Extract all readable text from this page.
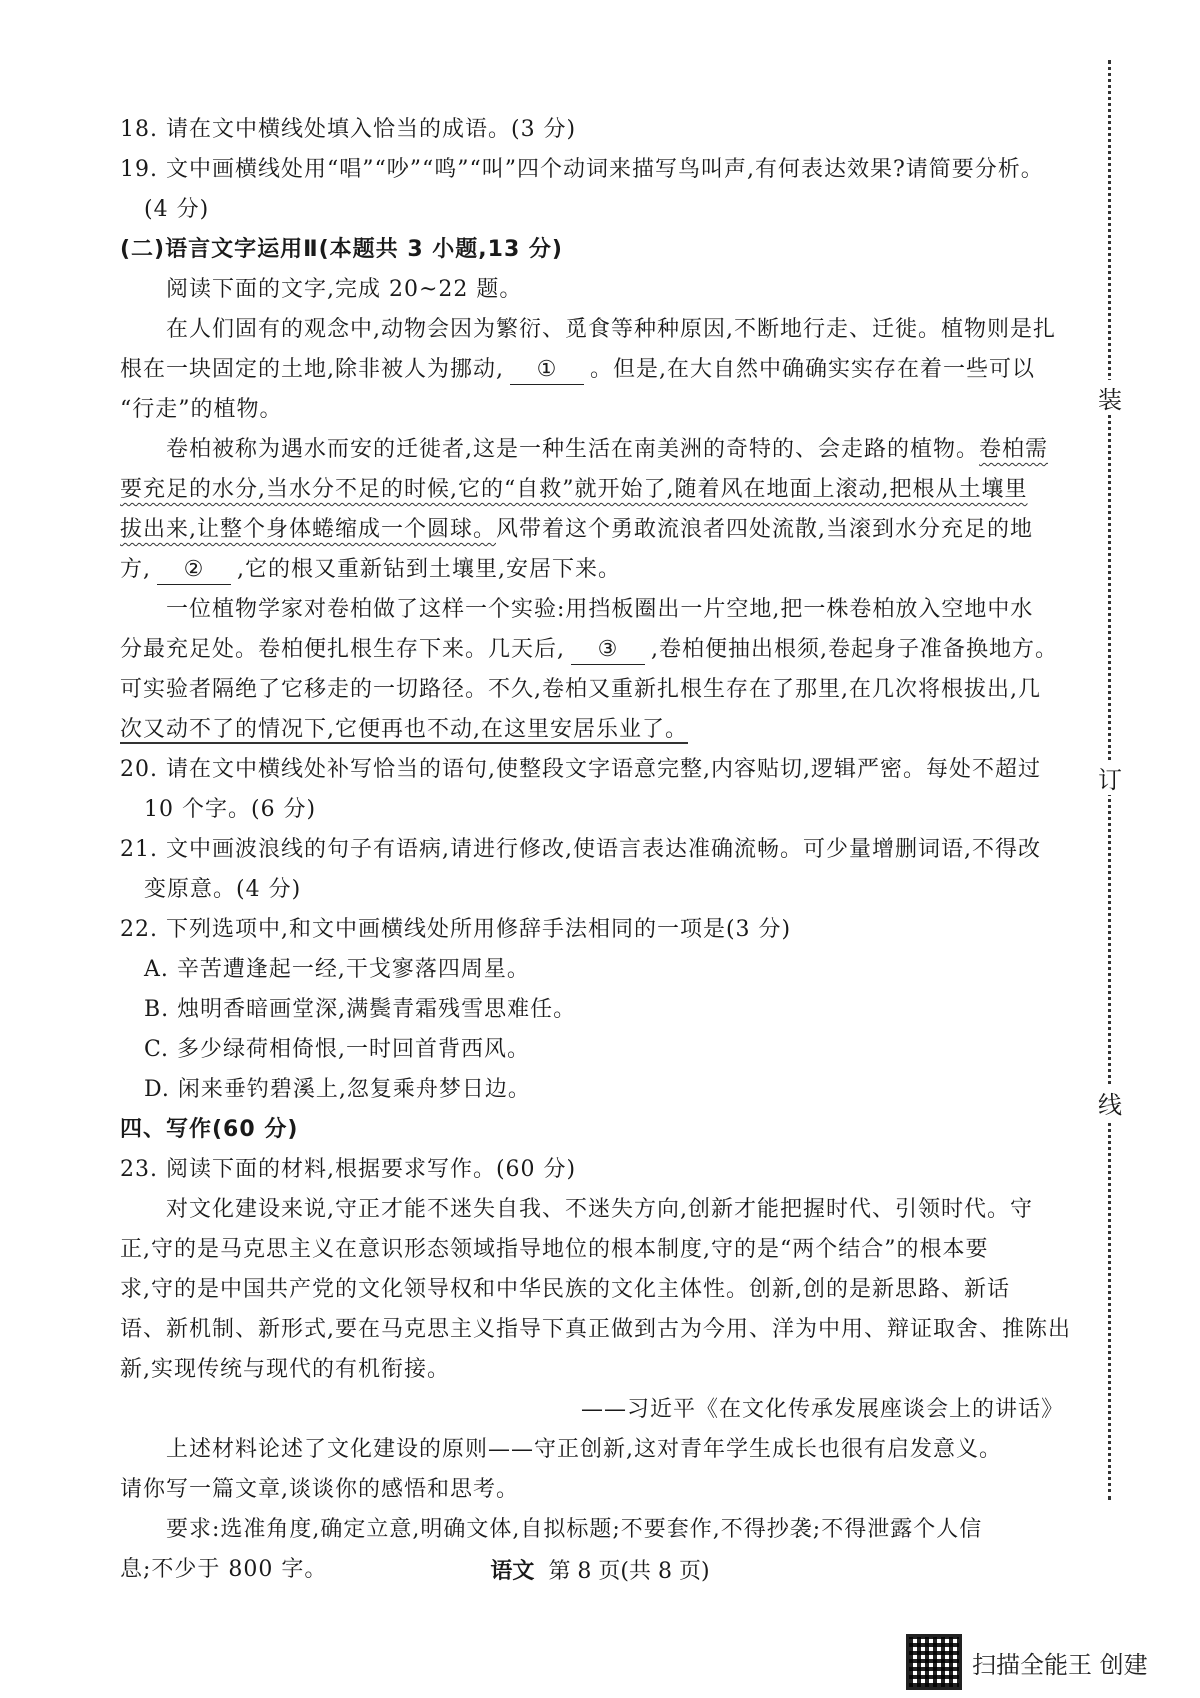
装
订
线
18. 请在文中横线处填入恰当的成语。(3 分)
19. 文中画横线处用“唱”“吵”“鸣”“叫”四个动词来描写鸟叫声,有何表达效果?请简要分析。
(4 分)
(二)语言文字运用Ⅱ(本题共 3 小题,13 分)
阅读下面的文字,完成 20~22 题。
在人们固有的观念中,动物会因为繁衍、觅食等种种原因,不断地行走、迁徙。植物则是扎
根在一块固定的土地,除非被人为挪动, ① 。但是,在大自然中确确实实存在着一些可以
“行走”的植物。
卷柏被称为遇水而安的迁徙者,这是一种生活在南美洲的奇特的、会走路的植物。卷柏需
要充足的水分,当水分不足的时候,它的“自救”就开始了,随着风在地面上滚动,把根从土壤里
拔出来,让整个身体蜷缩成一个圆球。风带着这个勇敢流浪者四处流散,当滚到水分充足的地
方, ② ,它的根又重新钻到土壤里,安居下来。
一位植物学家对卷柏做了这样一个实验:用挡板圈出一片空地,把一株卷柏放入空地中水
分最充足处。卷柏便扎根生存下来。几天后, ③ ,卷柏便抽出根须,卷起身子准备换地方。
可实验者隔绝了它移走的一切路径。不久,卷柏又重新扎根生存在了那里,在几次将根拔出,几
次又动不了的情况下,它便再也不动,在这里安居乐业了。
20. 请在文中横线处补写恰当的语句,使整段文字语意完整,内容贴切,逻辑严密。每处不超过
10 个字。(6 分)
21. 文中画波浪线的句子有语病,请进行修改,使语言表达准确流畅。可少量增删词语,不得改
变原意。(4 分)
22. 下列选项中,和文中画横线处所用修辞手法相同的一项是(3 分)
A. 辛苦遭逢起一经,干戈寥落四周星。
B. 烛明香暗画堂深,满鬓青霜残雪思难任。
C. 多少绿荷相倚恨,一时回首背西风。
D. 闲来垂钓碧溪上,忽复乘舟梦日边。
四、写作(60 分)
23. 阅读下面的材料,根据要求写作。(60 分)
对文化建设来说,守正才能不迷失自我、不迷失方向,创新才能把握时代、引领时代。守
正,守的是马克思主义在意识形态领域指导地位的根本制度,守的是“两个结合”的根本要
求,守的是中国共产党的文化领导权和中华民族的文化主体性。创新,创的是新思路、新话
语、新机制、新形式,要在马克思主义指导下真正做到古为今用、洋为中用、辩证取舍、推陈出
新,实现传统与现代的有机衔接。
——习近平《在文化传承发展座谈会上的讲话》
上述材料论述了文化建设的原则——守正创新,这对青年学生成长也很有启发意义。
请你写一篇文章,谈谈你的感悟和思考。
要求:选准角度,确定立意,明确文体,自拟标题;不要套作,不得抄袭;不得泄露个人信
息;不少于 800 字。	语文 第 8 页(共 8 页)
扫描全能王 创建
